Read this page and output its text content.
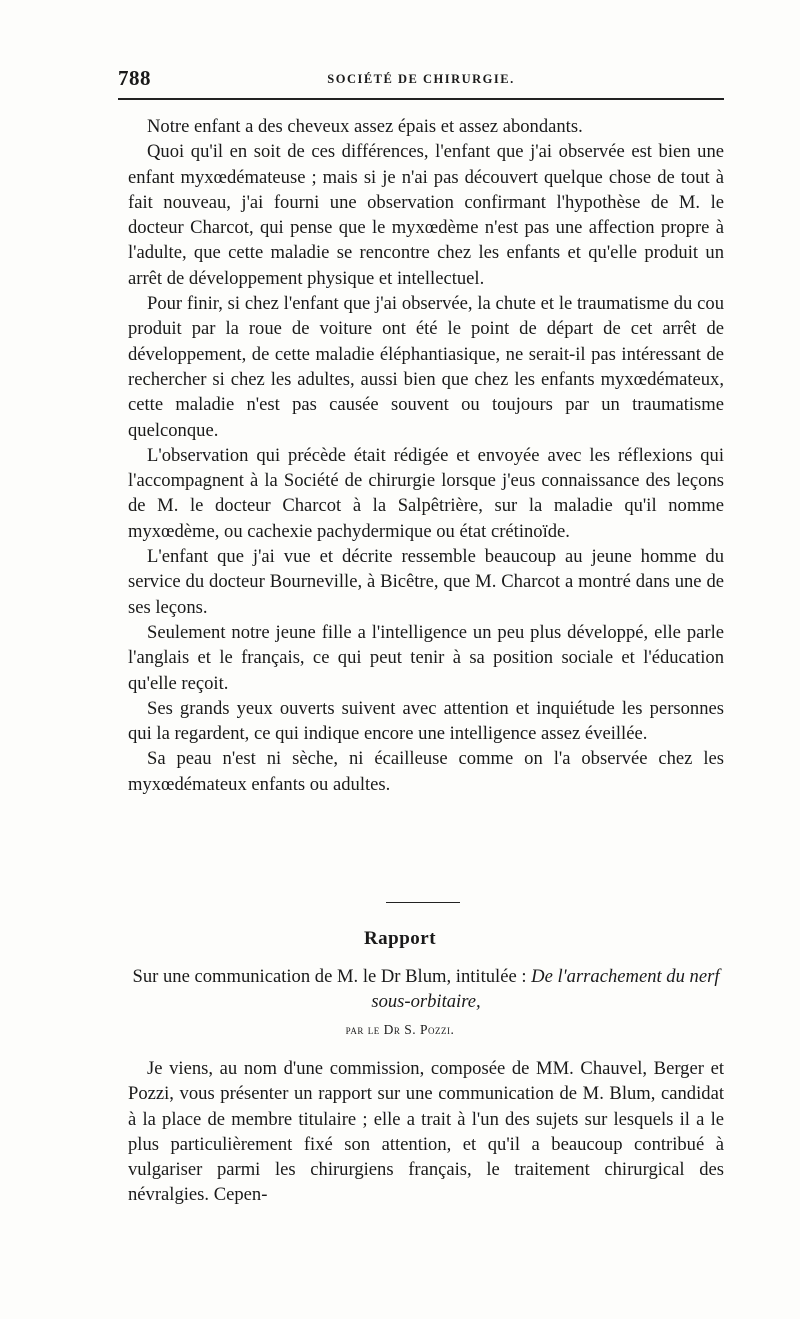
788	SOCIÉTÉ DE CHIRURGIE.

Notre enfant a des cheveux assez épais et assez abondants.

Quoi qu'il en soit de ces différences, l'enfant que j'ai observée est bien une enfant myxœdémateuse ; mais si je n'ai pas découvert quelque chose de tout à fait nouveau, j'ai fourni une observation confirmant l'hypothèse de M. le docteur Charcot, qui pense que le myxœdème n'est pas une affection propre à l'adulte, que cette maladie se rencontre chez les enfants et qu'elle produit un arrêt de développement physique et intellectuel.

Pour finir, si chez l'enfant que j'ai observée, la chute et le traumatisme du cou produit par la roue de voiture ont été le point de départ de cet arrêt de développement, de cette maladie éléphantiasique, ne serait-il pas intéressant de rechercher si chez les adultes, aussi bien que chez les enfants myxœdémateux, cette maladie n'est pas causée souvent ou toujours par un traumatisme quelconque.

L'observation qui précède était rédigée et envoyée avec les réflexions qui l'accompagnent à la Société de chirurgie lorsque j'eus connaissance des leçons de M. le docteur Charcot à la Salpêtrière, sur la maladie qu'il nomme myxœdème, ou cachexie pachydermique ou état crétinoïde.

L'enfant que j'ai vue et décrite ressemble beaucoup au jeune homme du service du docteur Bourneville, à Bicêtre, que M. Charcot a montré dans une de ses leçons.

Seulement notre jeune fille a l'intelligence un peu plus développé, elle parle l'anglais et le français, ce qui peut tenir à sa position sociale et l'éducation qu'elle reçoit.

Ses grands yeux ouverts suivent avec attention et inquiétude les personnes qui la regardent, ce qui indique encore une intelligence assez éveillée.

Sa peau n'est ni sèche, ni écailleuse comme on l'a observée chez les myxœdémateux enfants ou adultes.

Rapport
Sur une communication de M. le Dr Blum, intitulée : De l'arrachement du nerf sous-orbitaire,
par le Dr S. Pozzi.

Je viens, au nom d'une commission, composée de MM. Chauvel, Berger et Pozzi, vous présenter un rapport sur une communication de M. Blum, candidat à la place de membre titulaire ; elle a trait à l'un des sujets sur lesquels il a le plus particulièrement fixé son attention, et qu'il a beaucoup contribué à vulgariser parmi les chirurgiens français, le traitement chirurgical des névralgies. Cepen-
